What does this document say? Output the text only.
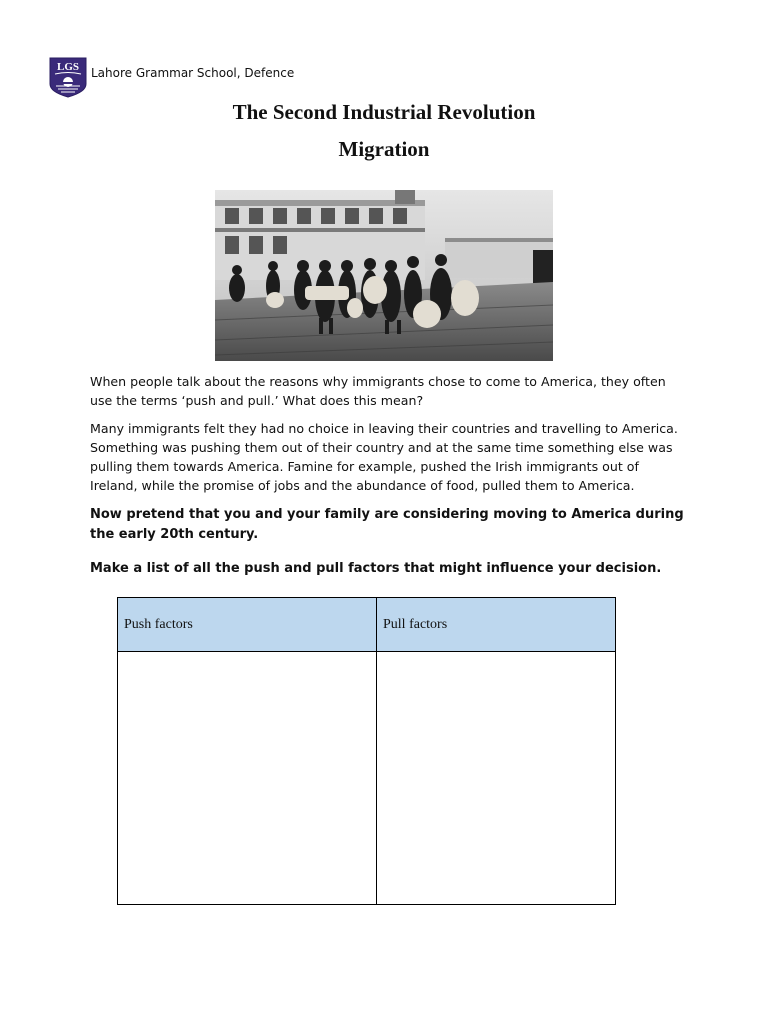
LGS Lahore Grammar School, Defence
The Second Industrial Revolution
Migration
When people talk about the reasons why immigrants chose to come to America, they often use the terms ‘push and pull.’ What does this mean?
Many immigrants felt they had no choice in leaving their countries and travelling to America. Something was pushing them out of their country and at the same time something else was pulling them towards America. Famine for example, pushed the Irish immigrants out of Ireland, while the promise of jobs and the abundance of food, pulled them to America.
Now pretend that you and your family are considering moving to America during the early 20th century.
Make a list of all the push and pull factors that might influence your decision.
Push factors	Pull factors
